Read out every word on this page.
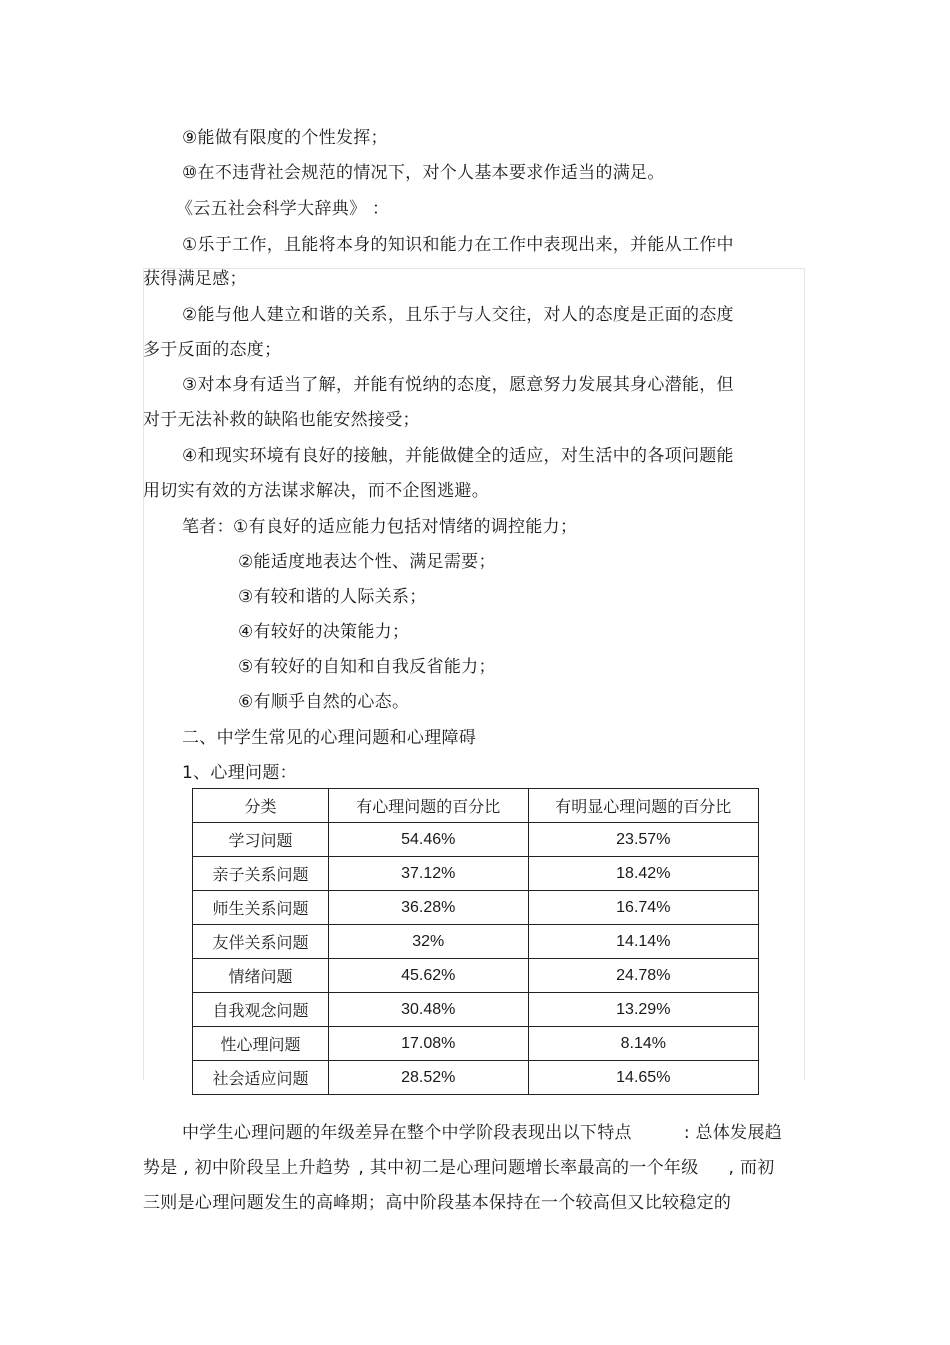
⑨能做有限度的个性发挥；
⑩在不违背社会规范的情况下，对个人基本要求作适当的满足。
《云五社会科学大辞典》 ：
①乐于工作，且能将本身的知识和能力在工作中表现出来，并能从工作中
获得满足感；
②能与他人建立和谐的关系，且乐于与人交往，对人的态度是正面的态度
多于反面的态度；
③对本身有适当了解，并能有悦纳的态度，愿意努力发展其身心潜能，但
对于无法补救的缺陷也能安然接受；
④和现实环境有良好的接触，并能做健全的适应，对生活中的各项问题能
用切实有效的方法谋求解决，而不企图逃避。
笔者： ①有良好的适应能力包括对情绪的调控能力；
②能适度地表达个性、满足需要；
③有较和谐的人际关系；
④有较好的决策能力；
⑤有较好的自知和自我反省能力；
⑥有顺乎自然的心态。
二、中学生常见的心理问题和心理障碍
1、心理问题：
分类	有心理问题的百分比	有明显心理问题的百分比
学习问题	54.46%	23.57%
亲子关系问题	37.12%	18.42%
师生关系问题	36.28%	16.74%
友伴关系问题	32%	14.14%
情绪问题	45.62%	24.78%
自我观念问题	30.48%	13.29%
性心理问题	17.08%	8.14%
社会适应问题	28.52%	14.65%
中学生心理问题的年级差异在整个中学阶段表现出以下特点	: 总体发展趋
势是 , 初中阶段呈上升趋势 , 其中初二是心理问题增长率最高的一个年级 , 而初
三则是心理问题发生的高峰期；高中阶段基本保持在一个较高但又比较稳定的
